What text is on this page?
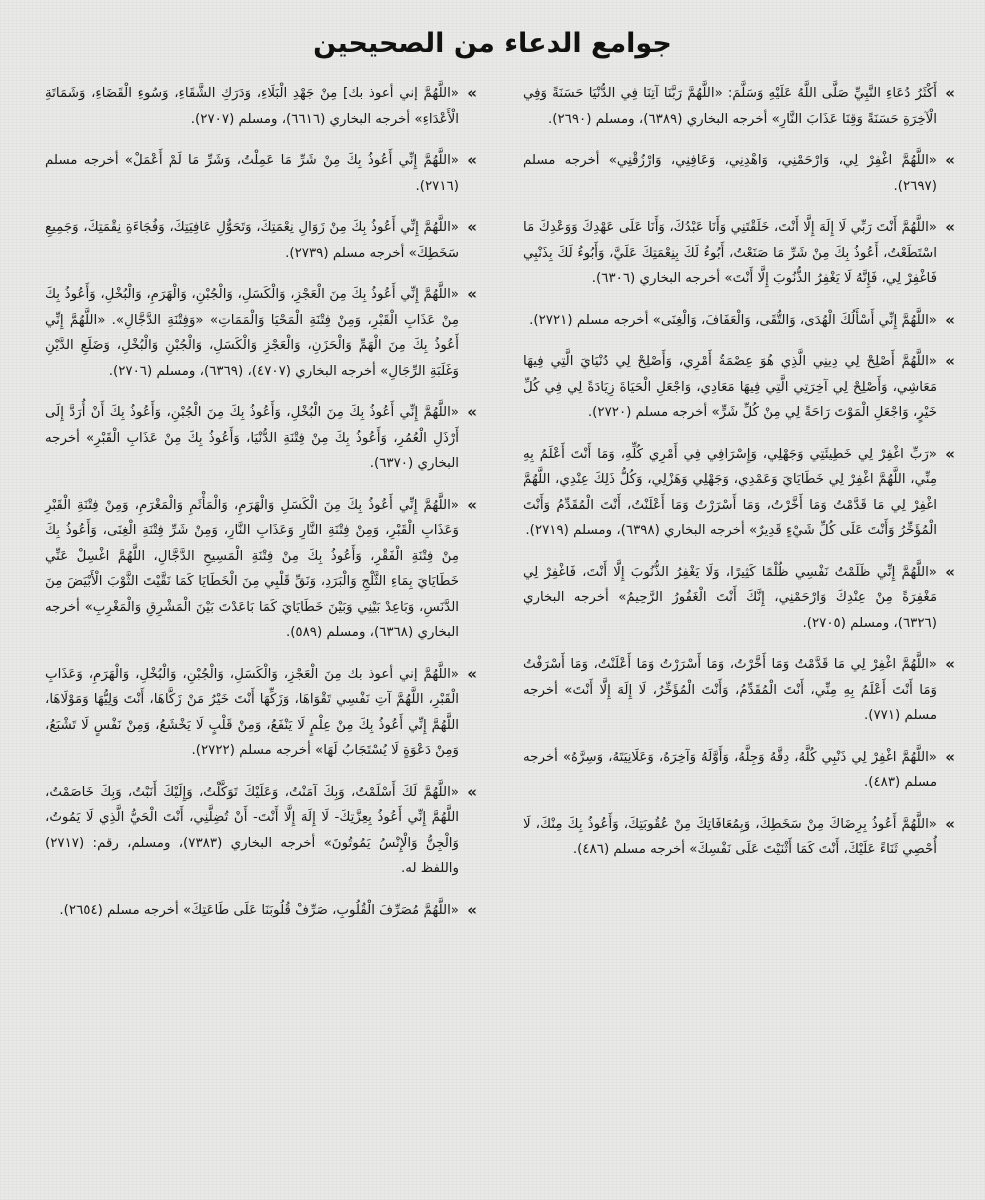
جوامع الدعاء من الصحيحين
»
أَكْثَرُ دُعَاءِ النَّبِيِّ صَلَّى اللَّهُ عَلَيْهِ وَسَلَّمَ: «اللَّهُمَّ رَبَّنَا آتِنَا فِي الدُّنْيَا حَسَنَةً وَفِي الْآخِرَةِ حَسَنَةً وَقِنَا عَذَابَ النَّارِ» أخرجه البخاري (٦٣٨٩)، ومسلم (٢٦٩٠).
»
«اللَّهُمَّ اغْفِرْ لِي، وَارْحَمْنِي، وَاهْدِنِي، وَعَافِنِي، وَارْزُقْنِي» أخرجه مسلم (٢٦٩٧).
»
«اللَّهُمَّ أَنْتَ رَبِّي لَا إِلَهَ إِلَّا أَنْتَ، خَلَقْتَنِي وَأَنَا عَبْدُكَ، وَأَنَا عَلَى عَهْدِكَ وَوَعْدِكَ مَا اسْتَطَعْتُ، أَعُوذُ بِكَ مِنْ شَرِّ مَا صَنَعْتُ، أَبُوءُ لَكَ بِنِعْمَتِكَ عَلَيَّ، وَأَبُوءُ لَكَ بِذَنْبِي فَاغْفِرْ لِي، فَإِنَّهُ لَا يَغْفِرُ الذُّنُوبَ إِلَّا أَنْتَ» أخرجه البخاري (٦٣٠٦).
»
«اللَّهُمَّ إِنِّي أَسْأَلُكَ الْهُدَى، وَالتُّقَى، وَالْعَفَافَ، وَالْغِنَى» أخرجه مسلم (٢٧٢١).
»
«اللَّهُمَّ أَصْلِحْ لِي دِينِي الَّذِي هُوَ عِصْمَةُ أَمْرِي، وَأَصْلِحْ لِي دُنْيَايَ الَّتِي فِيهَا مَعَاشِي، وَأَصْلِحْ لِي آخِرَتِي الَّتِي فِيهَا مَعَادِي، وَاجْعَلِ الْحَيَاةَ زِيَادَةً لِي فِي كُلِّ خَيْرٍ، وَاجْعَلِ الْمَوْتَ رَاحَةً لِي مِنْ كُلِّ شَرٍّ» أخرجه مسلم (٢٧٢٠).
»
«رَبِّ اغْفِرْ لِي خَطِيئَتِي وَجَهْلِي، وَإِسْرَافِي فِي أَمْرِي كُلِّهِ، وَمَا أَنْتَ أَعْلَمُ بِهِ مِنِّي، اللَّهُمَّ اغْفِرْ لِي خَطَايَايَ وَعَمْدِي، وَجَهْلِي وَهَزْلِي، وَكُلُّ ذَلِكَ عِنْدِي، اللَّهُمَّ اغْفِرْ لِي مَا قَدَّمْتُ وَمَا أَخَّرْتُ، وَمَا أَسْرَرْتُ وَمَا أَعْلَنْتُ، أَنْتَ الْمُقَدِّمُ وَأَنْتَ الْمُؤَخِّرُ وَأَنْتَ عَلَى كُلِّ شَيْءٍ قَدِيرٌ» أخرجه البخاري (٦٣٩٨)، ومسلم (٢٧١٩).
»
«اللَّهُمَّ إِنِّي ظَلَمْتُ نَفْسِي ظُلْمًا كَثِيرًا، وَلَا يَغْفِرُ الذُّنُوبَ إِلَّا أَنْتَ، فَاغْفِرْ لِي مَغْفِرَةً مِنْ عِنْدِكَ وَارْحَمْنِي، إِنَّكَ أَنْتَ الْغَفُورُ الرَّحِيمُ» أخرجه البخاري (٦٣٢٦)، ومسلم (٢٧٠٥).
»
«اللَّهُمَّ اغْفِرْ لِي مَا قَدَّمْتُ وَمَا أَخَّرْتُ، وَمَا أَسْرَرْتُ وَمَا أَعْلَنْتُ، وَمَا أَسْرَفْتُ وَمَا أَنْتَ أَعْلَمُ بِهِ مِنِّي، أَنْتَ الْمُقَدِّمُ، وَأَنْتَ الْمُؤَخِّرُ، لَا إِلَهَ إِلَّا أَنْتَ» أخرجه مسلم (٧٧١).
»
«اللَّهُمَّ اغْفِرْ لِي ذَنْبِي كُلَّهُ، دِقَّهُ وَجِلَّهُ، وَأَوَّلَهُ وَآخِرَهُ، وَعَلَانِيَتَهُ، وَسِرَّهُ» أخرجه مسلم (٤٨٣).
»
«اللَّهُمَّ أَعُوذُ بِرِضَاكَ مِنْ سَخَطِكَ، وَبِمُعَافَاتِكَ مِنْ عُقُوبَتِكَ، وَأَعُوذُ بِكَ مِنْكَ، لَا أُحْصِي ثَنَاءً عَلَيْكَ، أَنْتَ كَمَا أَثْنَيْتَ عَلَى نَفْسِكَ» أخرجه مسلم (٤٨٦).
»
«اللَّهُمَّ إني أعوذ بك] مِنْ جَهْدِ الْبَلَاءِ، وَدَرَكِ الشَّقَاءِ، وَسُوءِ الْقَضَاءِ، وَشَمَاتَةِ الْأَعْدَاءِ» أخرجه البخاري (٦٦١٦)، ومسلم (٢٧٠٧).
»
«اللَّهُمَّ إِنِّي أَعُوذُ بِكَ مِنْ شَرِّ مَا عَمِلْتُ، وَشَرِّ مَا لَمْ أَعْمَلْ» أخرجه مسلم (٢٧١٦).
»
«اللَّهُمَّ إِنِّي أَعُوذُ بِكَ مِنْ زَوَالِ نِعْمَتِكَ، وَتَحَوُّلِ عَافِيَتِكَ، وَفُجَاءَةِ نِقْمَتِكَ، وَجَمِيعِ سَخَطِكَ» أخرجه مسلم (٢٧٣٩).
»
«اللَّهُمَّ إِنِّي أَعُوذُ بِكَ مِنَ الْعَجْزِ، وَالْكَسَلِ، وَالْجُبْنِ، وَالْهَرَمِ، وَالْبُخْلِ، وَأَعُوذُ بِكَ مِنْ عَذَابِ الْقَبْرِ، وَمِنْ فِتْنَةِ الْمَحْيَا وَالْمَمَاتِ» «وَفِتْنَةِ الدَّجَّالِ». «اللَّهُمَّ إِنِّي أَعُوذُ بِكَ مِنَ الْهَمِّ وَالْحَزَنِ، وَالْعَجْزِ وَالْكَسَلِ، وَالْجُبْنِ وَالْبُخْلِ، وَضَلَعِ الدَّيْنِ وَغَلَبَةِ الرِّجَالِ» أخرجه البخاري (٤٧٠٧)، (٦٣٦٩)، ومسلم (٢٧٠٦).
»
«اللَّهُمَّ إِنِّي أَعُوذُ بِكَ مِنَ الْبُخْلِ، وَأَعُوذُ بِكَ مِنَ الْجُبْنِ، وَأَعُوذُ بِكَ أَنْ أُرَدَّ إِلَى أَرْذَلِ الْعُمُرِ، وَأَعُوذُ بِكَ مِنْ فِتْنَةِ الدُّنْيَا، وَأَعُوذُ بِكَ مِنْ عَذَابِ الْقَبْرِ» أخرجه البخاري (٦٣٧٠).
»
«اللَّهُمَّ إِنِّي أَعُوذُ بِكَ مِنَ الْكَسَلِ وَالْهَرَمِ، وَالْمَأْثَمِ وَالْمَغْرَمِ، وَمِنْ فِتْنَةِ الْقَبْرِ وَعَذَابِ الْقَبْرِ، وَمِنْ فِتْنَةِ النَّارِ وَعَذَابِ النَّارِ، وَمِنْ شَرِّ فِتْنَةِ الْغِنَى، وَأَعُوذُ بِكَ مِنْ فِتْنَةِ الْفَقْرِ، وَأَعُوذُ بِكَ مِنْ فِتْنَةِ الْمَسِيحِ الدَّجَّالِ، اللَّهُمَّ اغْسِلْ عَنِّي خَطَايَايَ بِمَاءِ الثَّلْجِ وَالْبَرَدِ، وَنَقِّ قَلْبِي مِنَ الْخَطَايَا كَمَا نَقَّيْتَ الثَّوْبَ الْأَبْيَضَ مِنَ الدَّنَسِ، وَبَاعِدْ بَيْنِي وَبَيْنَ خَطَايَايَ كَمَا بَاعَدْتَ بَيْنَ الْمَشْرِقِ وَالْمَغْرِبِ» أخرجه البخاري (٦٣٦٨)، ومسلم (٥٨٩).
»
«اللَّهُمَّ إني أعوذ بك مِنَ الْعَجْزِ، وَالْكَسَلِ، وَالْجُبْنِ، وَالْبُخْلِ، وَالْهَرَمِ، وَعَذَابِ الْقَبْرِ، اللَّهُمَّ آتِ نَفْسِي تَقْوَاهَا، وَزَكِّهَا أَنْتَ خَيْرُ مَنْ زَكَّاهَا، أَنْتَ وَلِيُّهَا وَمَوْلَاهَا، اللَّهُمَّ إِنِّي أَعُوذُ بِكَ مِنْ عِلْمٍ لَا يَنْفَعُ، وَمِنْ قَلْبٍ لَا يَخْشَعُ، وَمِنْ نَفْسٍ لَا تَشْبَعُ، وَمِنْ دَعْوَةٍ لَا يُسْتَجَابُ لَهَا» أخرجه مسلم (٢٧٢٢).
»
«اللَّهُمَّ لَكَ أَسْلَمْتُ، وَبِكَ آمَنْتُ، وَعَلَيْكَ تَوَكَّلْتُ، وَإِلَيْكَ أَنَبْتُ، وَبِكَ خَاصَمْتُ، اللَّهُمَّ إِنِّي أَعُوذُ بِعِزَّتِكَ- لَا إِلَهَ إِلَّا أَنْتَ- أَنْ تُضِلَّنِي، أَنْتَ الْحَيُّ الَّذِي لَا يَمُوتُ، وَالْجِنُّ وَالْإِنْسُ يَمُوتُونَ» أخرجه البخاري (٧٣٨٣)، ومسلم، رقم: (٢٧١٧) واللفظ له.
»
«اللَّهُمَّ مُصَرِّفَ الْقُلُوبِ، صَرِّفْ قُلُوبَنَا عَلَى طَاعَتِكَ» أخرجه مسلم (٢٦٥٤).
